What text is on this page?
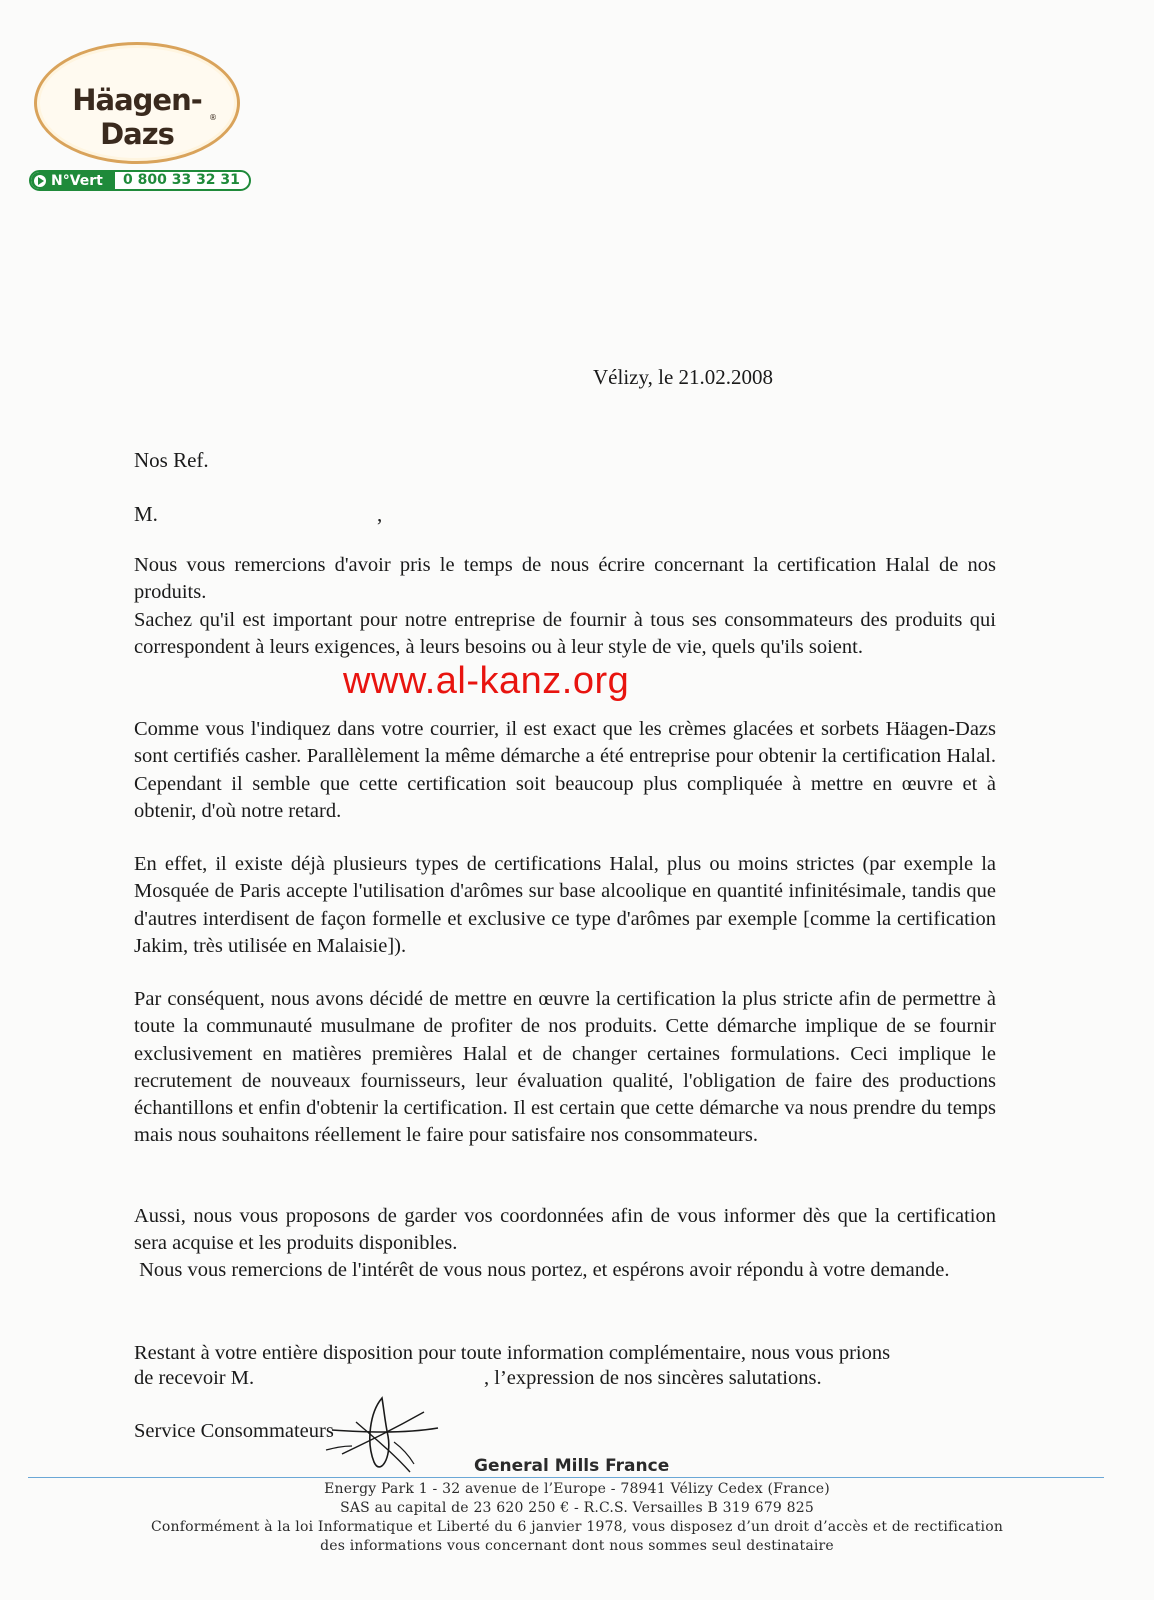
Häagen-Dazs	®
N°Vert 0 800 33 32 31
Vélizy, le 21.02.2008
Nos Ref.
M.	,
Nous vous remercions d'avoir pris le temps de nous écrire concernant la certification Halal de nos produits.
Sachez qu'il est important pour notre entreprise de fournir à tous ses consommateurs des produits qui correspondent à leurs exigences, à leurs besoins ou à leur style de vie, quels qu'ils soient.
www.al-kanz.org
Comme vous l'indiquez dans votre courrier, il est exact que les crèmes glacées et sorbets Häagen-Dazs sont certifiés casher. Parallèlement la même démarche a été entreprise pour obtenir la certification Halal. Cependant il semble que cette certification soit beaucoup plus compliquée à mettre en œuvre et à obtenir, d'où notre retard.
En effet, il existe déjà plusieurs types de certifications Halal, plus ou moins strictes (par exemple la Mosquée de Paris accepte l'utilisation d'arômes sur base alcoolique en quantité infinitésimale, tandis que d'autres interdisent de façon formelle et exclusive ce type d'arômes par exemple [comme la certification Jakim, très utilisée en Malaisie]).
Par conséquent, nous avons décidé de mettre en œuvre la certification la plus stricte afin de permettre à toute la communauté musulmane de profiter de nos produits. Cette démarche implique de se fournir exclusivement en matières premières Halal et de changer certaines formulations. Ceci implique le recrutement de nouveaux fournisseurs, leur évaluation qualité, l'obligation de faire des productions échantillons et enfin d'obtenir la certification. Il est certain que cette démarche va nous prendre du temps mais nous souhaitons réellement le faire pour satisfaire nos consommateurs.
Aussi, nous vous proposons de garder vos coordonnées afin de vous informer dès que la certification sera acquise et les produits disponibles.
Nous vous remercions de l'intérêt de vous nous portez, et espérons avoir répondu à votre demande.
Restant à votre entière disposition pour toute information complémentaire, nous vous prions
de recevoir M.	, l’expression de nos sincères salutations.
Service Consommateurs
General Mills France
Energy Park 1 - 32 avenue de l’Europe - 78941 Vélizy Cedex (France)
SAS au capital de 23 620 250 € - R.C.S. Versailles B 319 679 825
Conformément à la loi Informatique et Liberté du 6 janvier 1978, vous disposez d’un droit d’accès et de rectification
des informations vous concernant dont nous sommes seul destinataire
